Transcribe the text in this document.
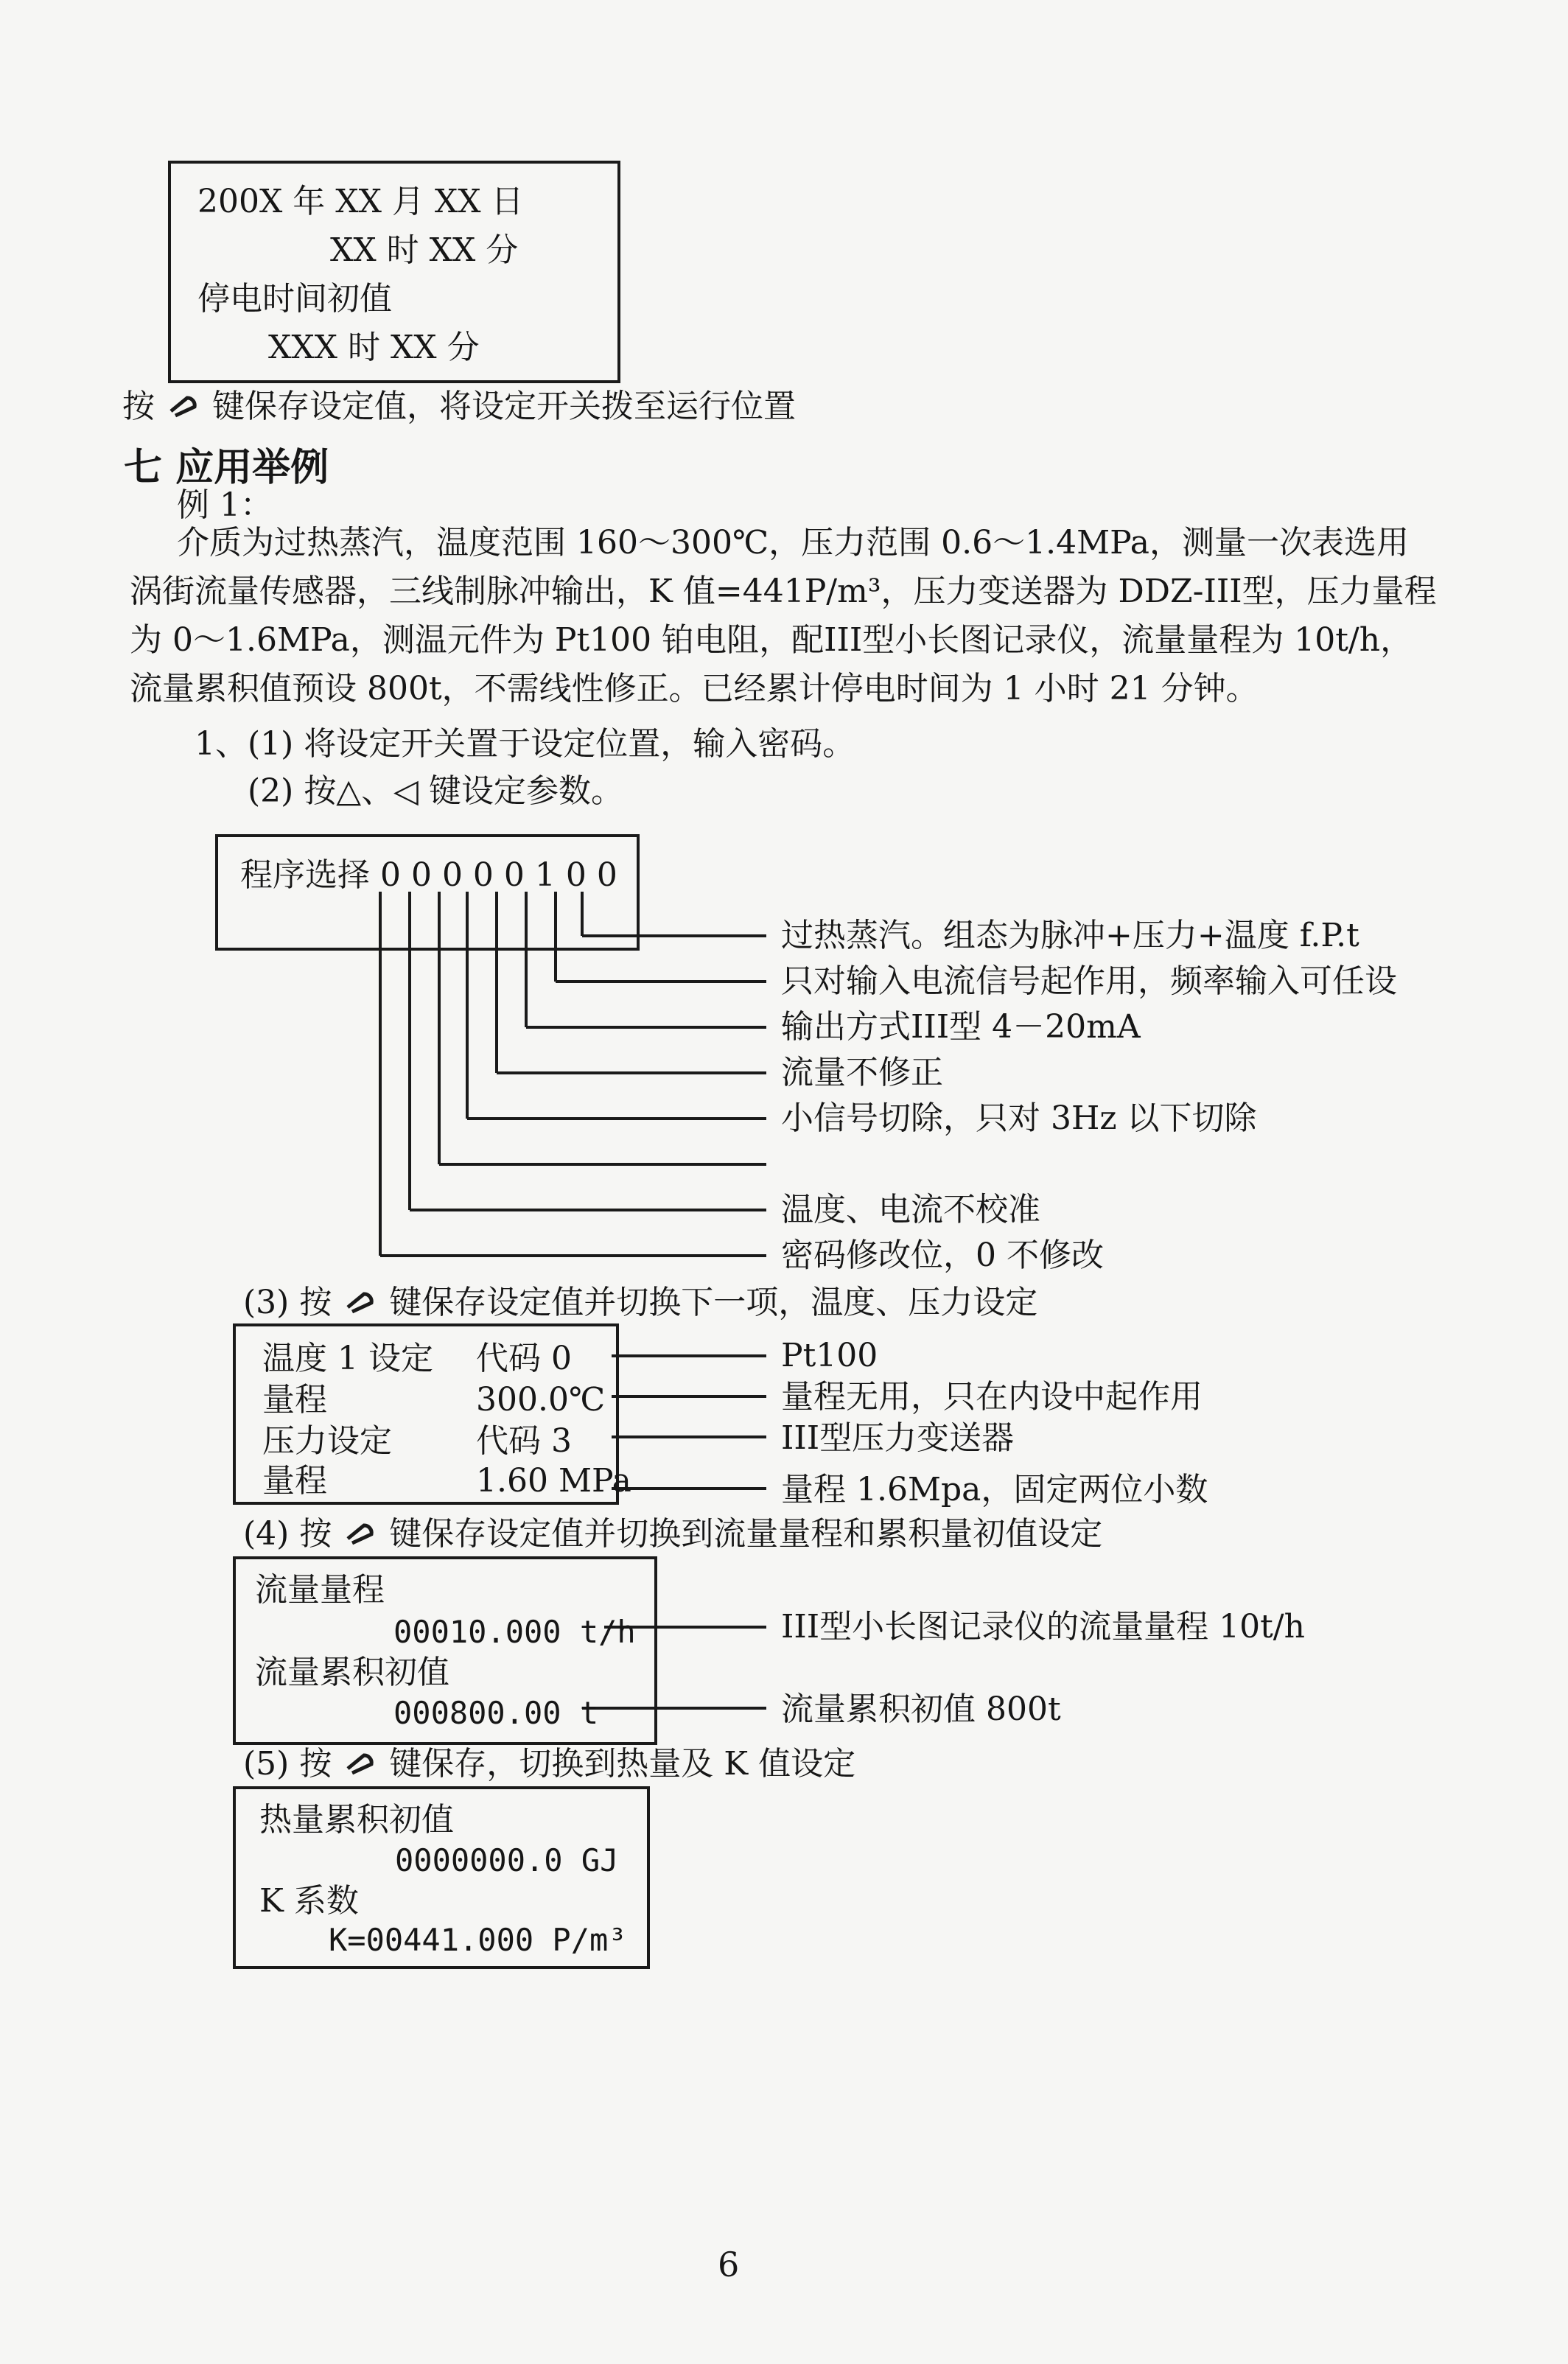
200X 年 XX 月 XX 日
XX 时 XX 分
停电时间初值
XXX 时 XX 分
按 键保存设定值，将设定开关拨至运行位置
七 应用举例
例 1：
介质为过热蒸汽，温度范围 160～300℃，压力范围 0.6～1.4MPa，测量一次表选用涡街流量传感器，三线制脉冲输出，K 值=441P/m³，压力变送器为 DDZ-III型，压力量程为 0～1.6MPa，测温元件为 Pt100 铂电阻，配III型小长图记录仪，流量量程为 10t/h，流量累积值预设 800t，不需线性修正。已经累计停电时间为 1 小时 21 分钟。
1、(1) 将设定开关置于设定位置，输入密码。
(2) 按△、◁ 键设定参数。
程序选择 0 0 0 0 0 1 0 0
过热蒸汽。组态为脉冲+压力+温度 f.P.t
只对输入电流信号起作用，频率输入可任设
输出方式III型 4－20mA
流量不修正
小信号切除，只对 3Hz 以下切除
温度、电流不校准
密码修改位，0 不修改
(3) 按 键保存设定值并切换下一项，温度、压力设定
温度 1 设定 代码 0
量程	300.0℃
压力设定	代码 3
量程	1.60 MPa
Pt100
量程无用，只在内设中起作用
III型压力变送器
量程 1.6Mpa，固定两位小数
(4) 按 键保存设定值并切换到流量量程和累积量初值设定
流量量程
00010.000 t/h
流量累积初值
000800.00 t
III型小长图记录仪的流量量程 10t/h
流量累积初值 800t
(5) 按 键保存，切换到热量及 K 值设定
热量累积初值
0000000.0 GJ
K 系数
K=00441.000 P/m³
6
